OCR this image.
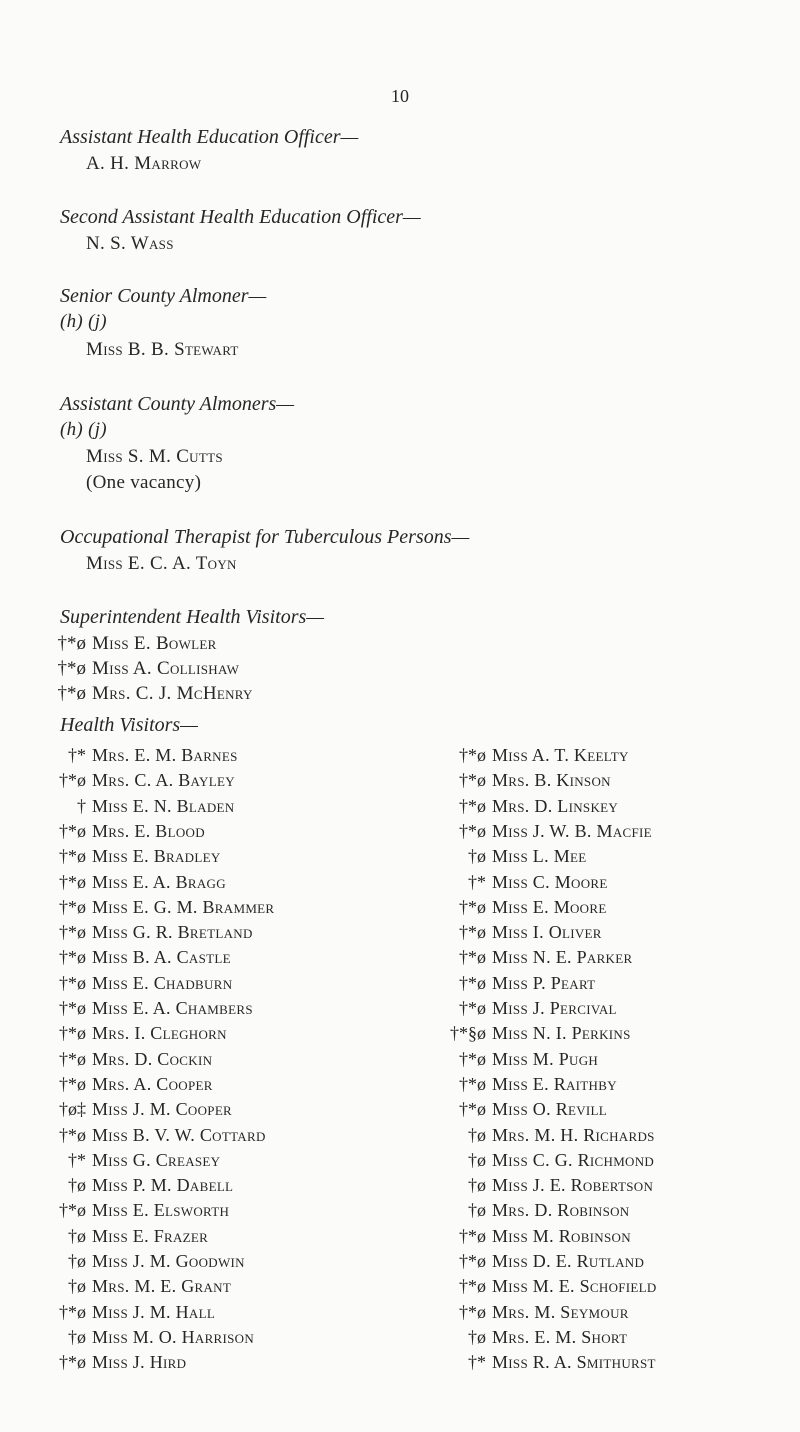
10
Assistant Health Education Officer—
A. H. Marrow
Second Assistant Health Education Officer—
N. S. Wass
Senior County Almoner—
(h) (j)
Miss B. B. Stewart
Assistant County Almoners—
(h) (j)
Miss S. M. Cutts
(One vacancy)
Occupational Therapist for Tuberculous Persons—
Miss E. C. A. Toyn
Superintendent Health Visitors—
†*ø Miss E. Bowler
†*ø Miss A. Collishaw
†*ø Mrs. C. J. McHenry
Health Visitors—
†* Mrs. E. M. Barnes
†*ø Mrs. C. A. Bayley
† Miss E. N. Bladen
†*ø Mrs. E. Blood
†*ø Miss E. Bradley
†*ø Miss E. A. Bragg
†*ø Miss E. G. M. Brammer
†*ø Miss G. R. Bretland
†*ø Miss B. A. Castle
†*ø Miss E. Chadburn
†*ø Miss E. A. Chambers
†*ø Mrs. I. Cleghorn
†*ø Mrs. D. Cockin
†*ø Mrs. A. Cooper
†ø‡ Miss J. M. Cooper
†*ø Miss B. V. W. Cottard
†* Miss G. Creasey
†ø Miss P. M. Dabell
†*ø Miss E. Elsworth
†ø Miss E. Frazer
†ø Miss J. M. Goodwin
†ø Mrs. M. E. Grant
†*ø Miss J. M. Hall
†ø Miss M. O. Harrison
†*ø Miss J. Hird
†*ø Miss A. T. Keelty
†*ø Mrs. B. Kinson
†*ø Mrs. D. Linskey
†*ø Miss J. W. B. Macfie
†ø Miss L. Mee
†* Miss C. Moore
†*ø Miss E. Moore
†*ø Miss I. Oliver
†*ø Miss N. E. Parker
†*ø Miss P. Peart
†*ø Miss J. Percival
†*§ø Miss N. I. Perkins
†*ø Miss M. Pugh
†*ø Miss E. Raithby
†*ø Miss O. Revill
†ø Mrs. M. H. Richards
†ø Miss C. G. Richmond
†ø Miss J. E. Robertson
†ø Mrs. D. Robinson
†*ø Miss M. Robinson
†*ø Miss D. E. Rutland
†*ø Miss M. E. Schofield
†*ø Mrs. M. Seymour
†ø Mrs. E. M. Short
†* Miss R. A. Smithurst
